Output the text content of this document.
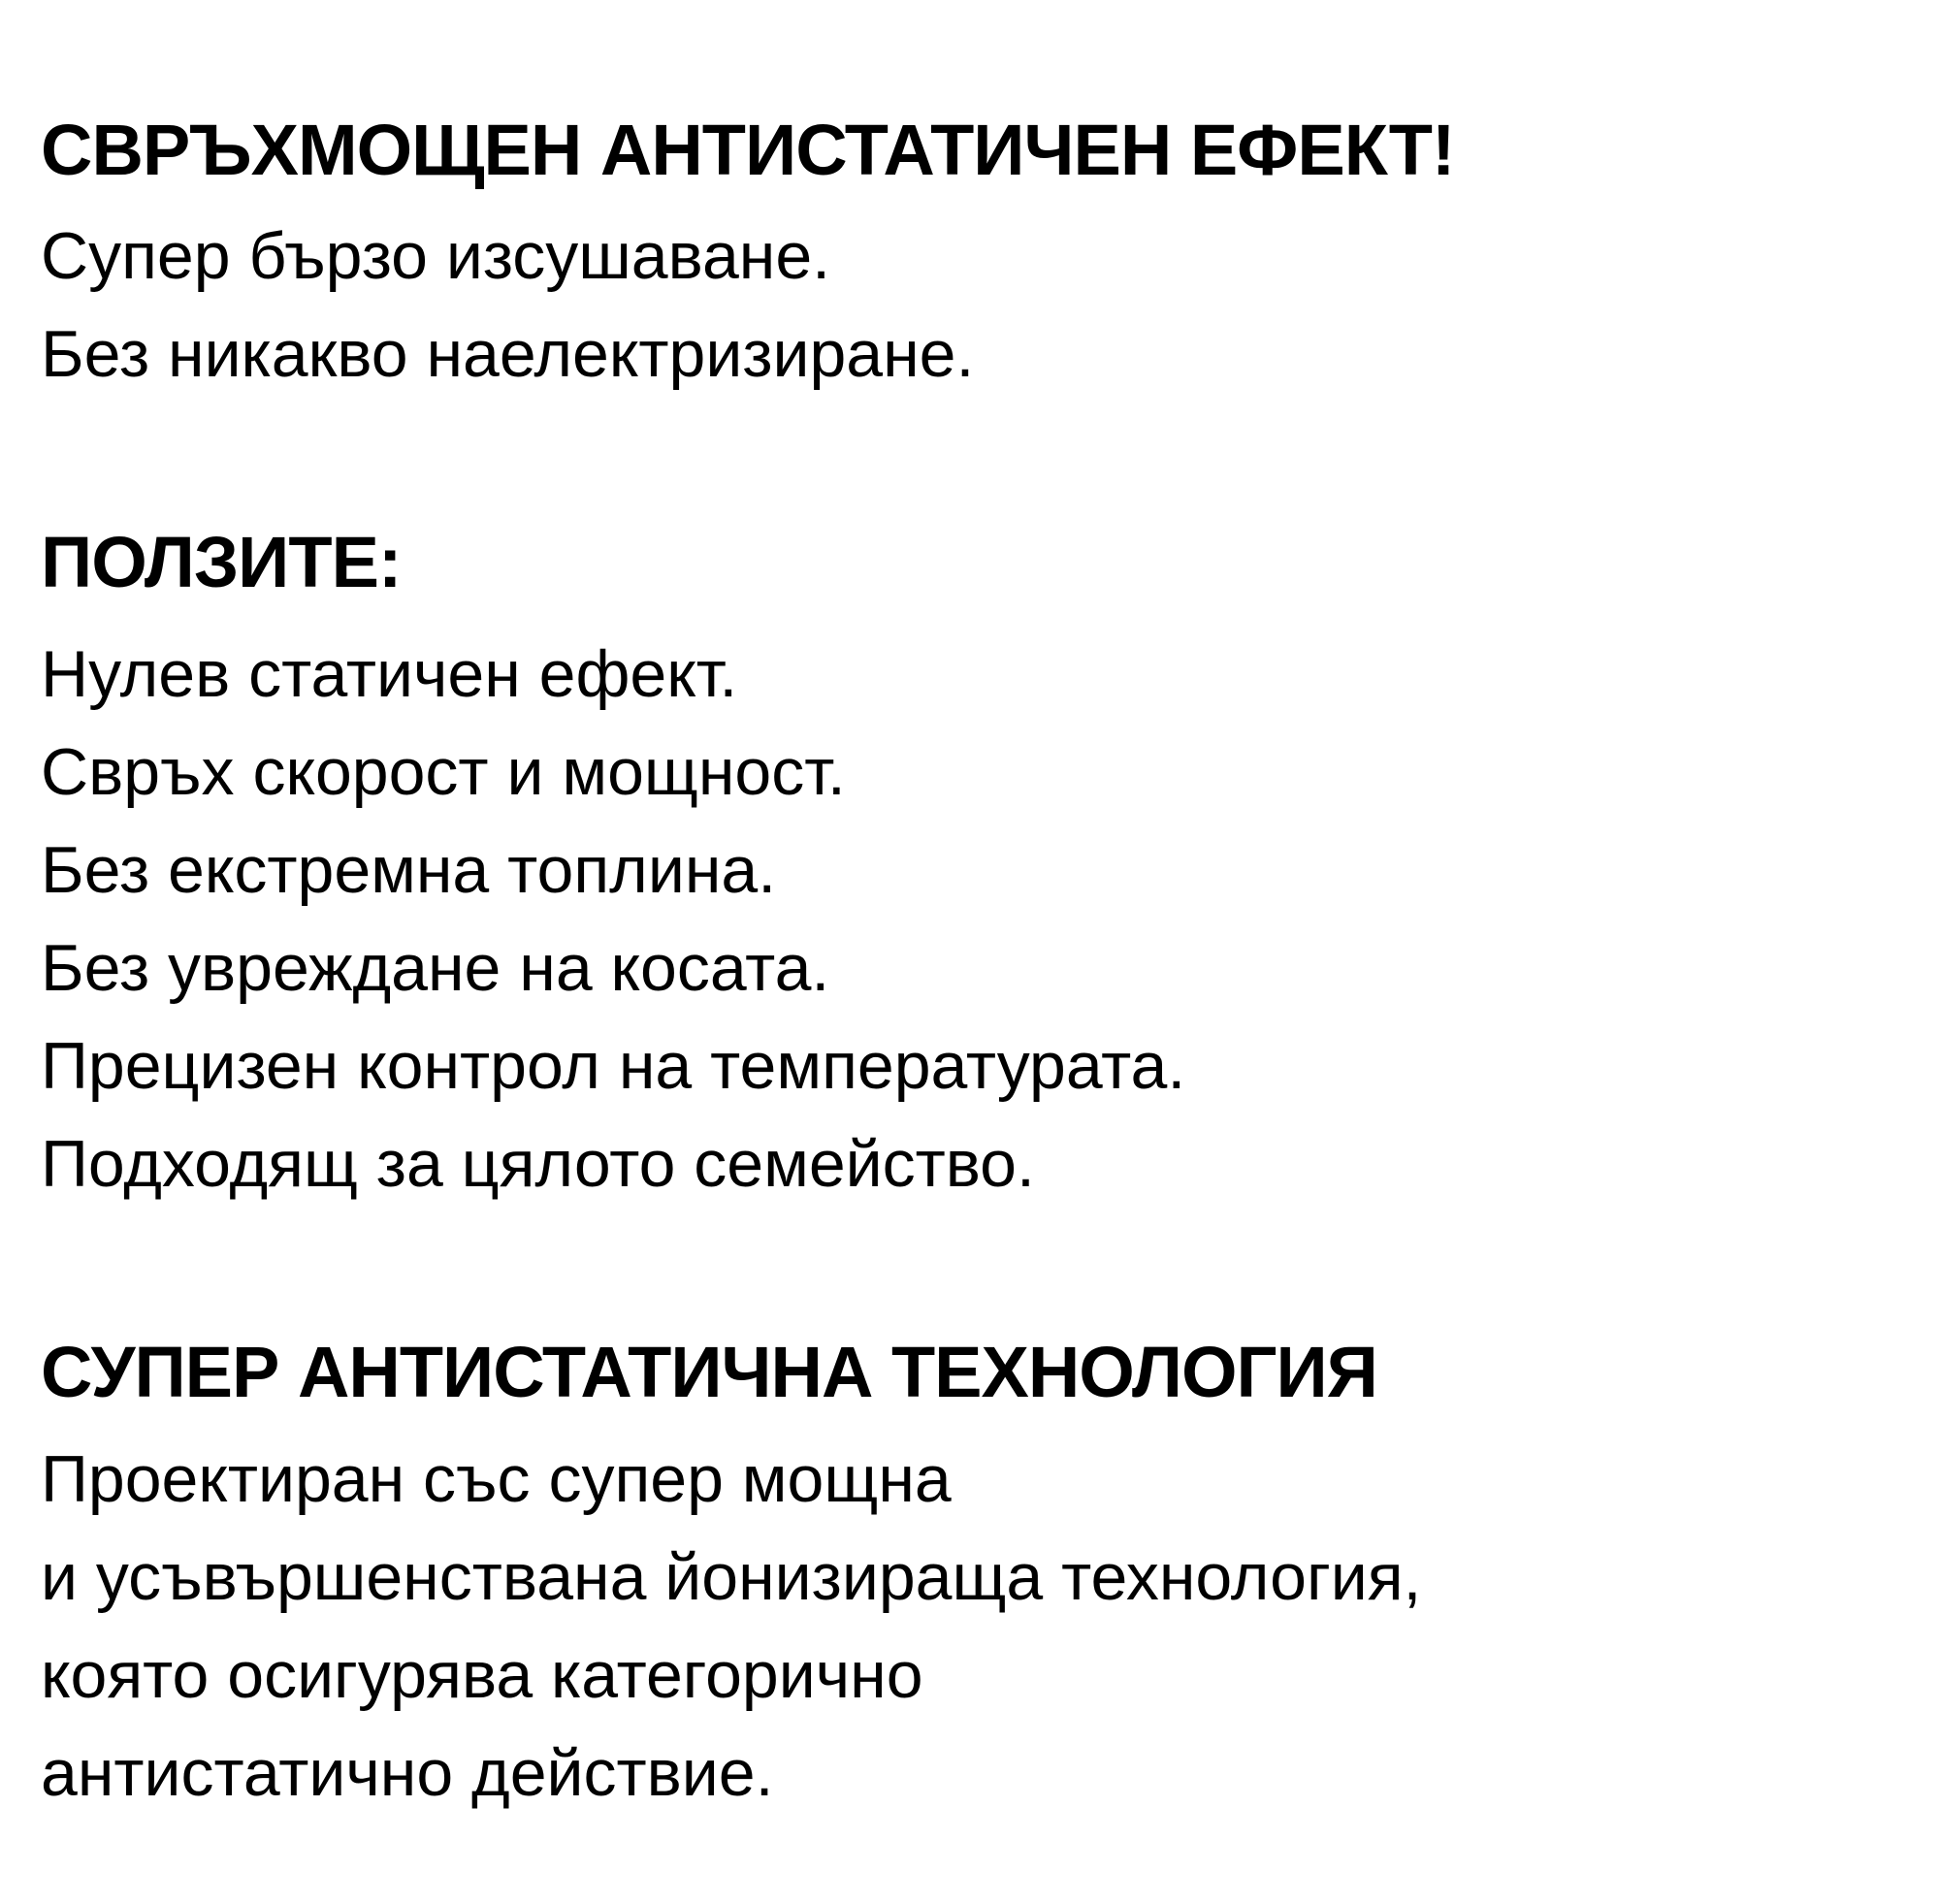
СВРЪХМОЩЕН АНТИСТАТИЧЕН ЕФЕКТ!

Супер бързо изсушаване.

Без никакво наелектризиране.

ПОЛЗИТЕ:

Нулев статичен ефект.

Свръх скорост и мощност.

Без екстремна топлина.

Без увреждане на косата.

Прецизен контрол на температурата.

Подходящ за цялото семейство.

СУПЕР АНТИСТАТИЧНА ТЕХНОЛОГИЯ

Проектиран със супер мощна

и усъвършенствана йонизираща технология,

която осигурява категорично

антистатично действие.
